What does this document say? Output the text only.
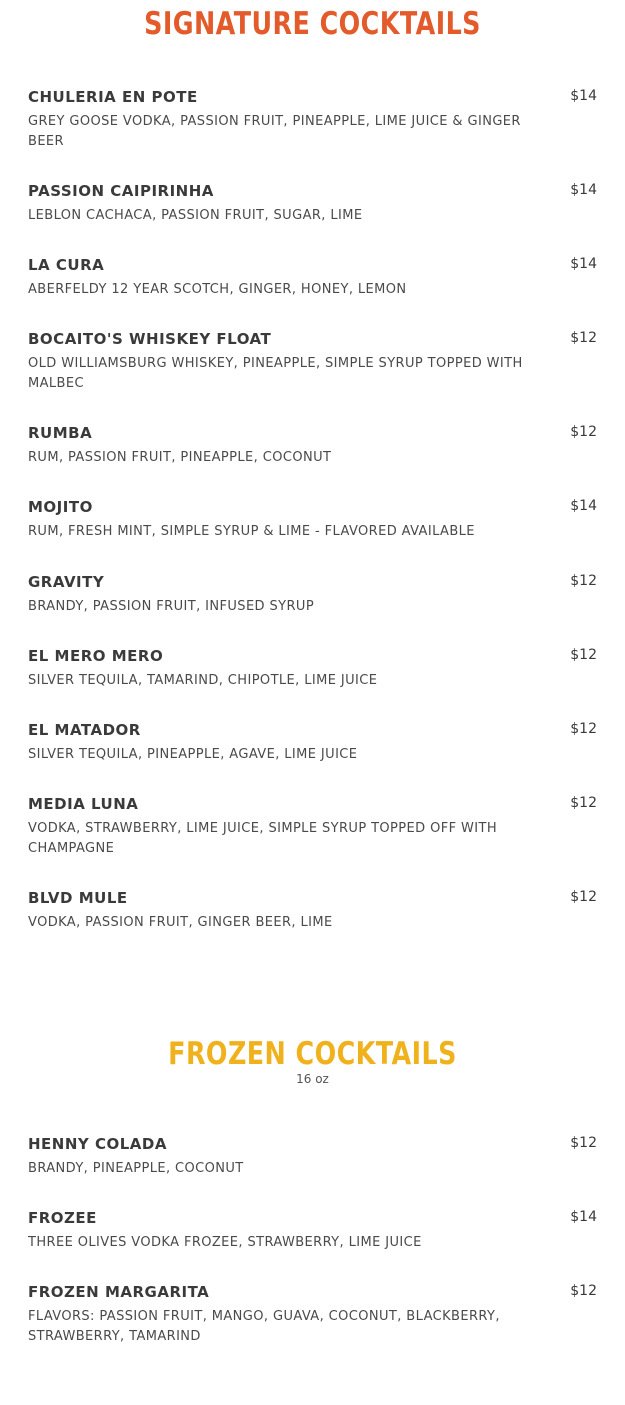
SIGNATURE COCKTAILS
CHULERIA EN POTE	$14
GREY GOOSE VODKA, PASSION FRUIT, PINEAPPLE, LIME JUICE & GINGER BEER
PASSION CAIPIRINHA	$14
LEBLON CACHACA, PASSION FRUIT, SUGAR, LIME
LA CURA	$14
ABERFELDY 12 YEAR SCOTCH, GINGER, HONEY, LEMON
BOCAITO'S WHISKEY FLOAT	$12
OLD WILLIAMSBURG WHISKEY, PINEAPPLE, SIMPLE SYRUP TOPPED WITH MALBEC
RUMBA	$12
RUM, PASSION FRUIT, PINEAPPLE, COCONUT
MOJITO	$14
RUM, FRESH MINT, SIMPLE SYRUP & LIME - FLAVORED AVAILABLE
GRAVITY	$12
BRANDY, PASSION FRUIT, INFUSED SYRUP
EL MERO MERO	$12
SILVER TEQUILA, TAMARIND, CHIPOTLE, LIME JUICE
EL MATADOR	$12
SILVER TEQUILA, PINEAPPLE, AGAVE, LIME JUICE
MEDIA LUNA	$12
VODKA, STRAWBERRY, LIME JUICE, SIMPLE SYRUP TOPPED OFF WITH CHAMPAGNE
BLVD MULE	$12
VODKA, PASSION FRUIT, GINGER BEER, LIME
FROZEN COCKTAILS
16 oz
HENNY COLADA	$12
BRANDY, PINEAPPLE, COCONUT
FROZEE	$14
THREE OLIVES VODKA FROZEE, STRAWBERRY, LIME JUICE
FROZEN MARGARITA	$12
FLAVORS: PASSION FRUIT, MANGO, GUAVA, COCONUT, BLACKBERRY, STRAWBERRY, TAMARIND
